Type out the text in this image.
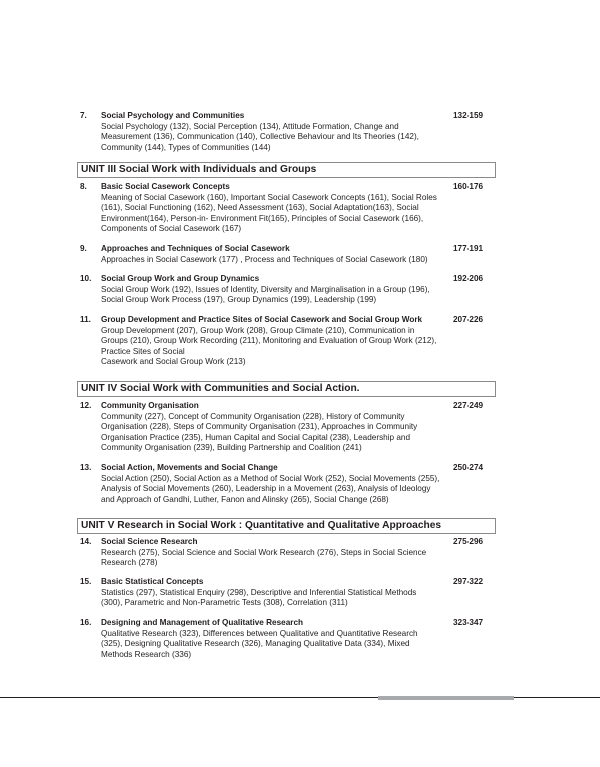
7. Social Psychology and Communities	132-159
Social Psychology (132), Social Perception (134), Attitude Formation, Change and
Measurement (136), Communication (140), Collective Behaviour and Its Theories (142),
Community (144), Types of Communities (144)
UNIT III Social Work with Individuals and Groups
8. Basic Social Casework Concepts	160-176
Meaning of Social Casework (160), Important Social Casework Concepts (161), Social Roles
(161), Social Functioning (162), Need Assessment (163), Social Adaptation(163), Social
Environment(164), Person-in- Environment Fit(165), Principles of Social Casework (166),
Components of Social Casework (167)
9. Approaches and Techniques of Social Casework	177-191
Approaches in Social Casework (177) , Process and Techniques of Social Casework (180)
10. Social Group Work and Group Dynamics	192-206
Social Group Work (192), Issues of Identity, Diversity and Marginalisation in a Group (196),
Social Group Work Process (197), Group Dynamics (199), Leadership (199)
11. Group Development and Practice Sites of Social Casework and Social Group Work	207-226
Group Development (207), Group Work (208), Group Climate (210), Communication in
Groups (210), Group Work Recording (211), Monitoring and Evaluation of Group Work (212),
Practice Sites of Social
Casework and Social Group Work (213)
UNIT IV Social Work with Communities and Social Action.
12. Community Organisation	227-249
Community (227), Concept of Community Organisation (228), History of Community
Organisation (228), Steps of Community Organisation (231), Approaches in Community
Organisation Practice (235), Human Capital and Social Capital (238), Leadership and
Community Organisation (239), Building Partnership and Coalition (241)
13. Social Action, Movements and Social Change	250-274
Social Action (250), Social Action as a Method of Social Work (252), Social Movements (255),
Analysis of Social Movements (260), Leadership in a Movement (263), Analysis of Ideology
and Approach of Gandhi, Luther, Fanon and Alinsky (265), Social Change (268)
UNIT V Research in Social Work : Quantitative and Qualitative Approaches
14. Social Science Research	275-296
Research (275), Social Science and Social Work Research (276), Steps in Social Science
Research (278)
15. Basic Statistical Concepts	297-322
Statistics (297), Statistical Enquiry (298), Descriptive and Inferential Statistical Methods
(300), Parametric and Non-Parametric Tests (308), Correlation (311)
16. Designing and Management of Qualitative Research	323-347
Qualitative Research (323), Differences between Qualitative and Quantitative Research
(325), Designing Qualitative Research (326), Managing Qualitative Data (334), Mixed
Methods Research (336)
